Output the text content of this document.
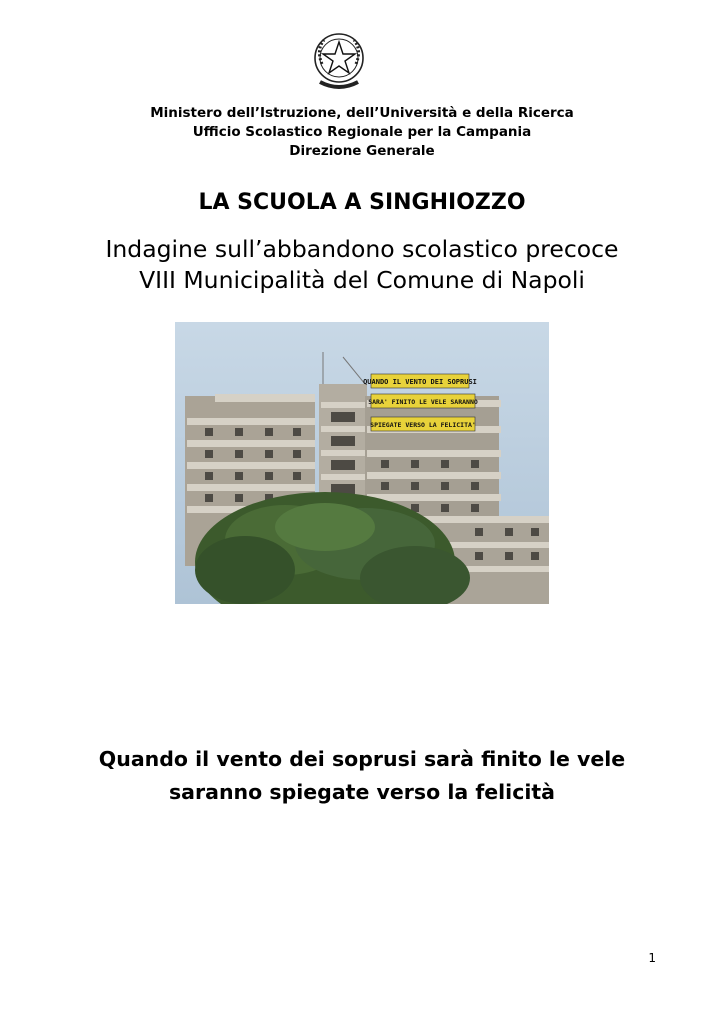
Ministero dell’Istruzione, dell’Università e della Ricerca
Ufficio Scolastico Regionale per la Campania
Direzione Generale
LA SCUOLA A SINGHIOZZO
Indagine sull’abbandono scolastico precoce
VIII Municipalità del Comune di Napoli
QUANDO IL VENTO DEI SOPRUSI
SARA' FINITO LE VELE SARANNO
SPIEGATE VERSO LA FELICITA'
Quando il vento dei soprusi sarà finito le vele
saranno spiegate verso la felicità
1
